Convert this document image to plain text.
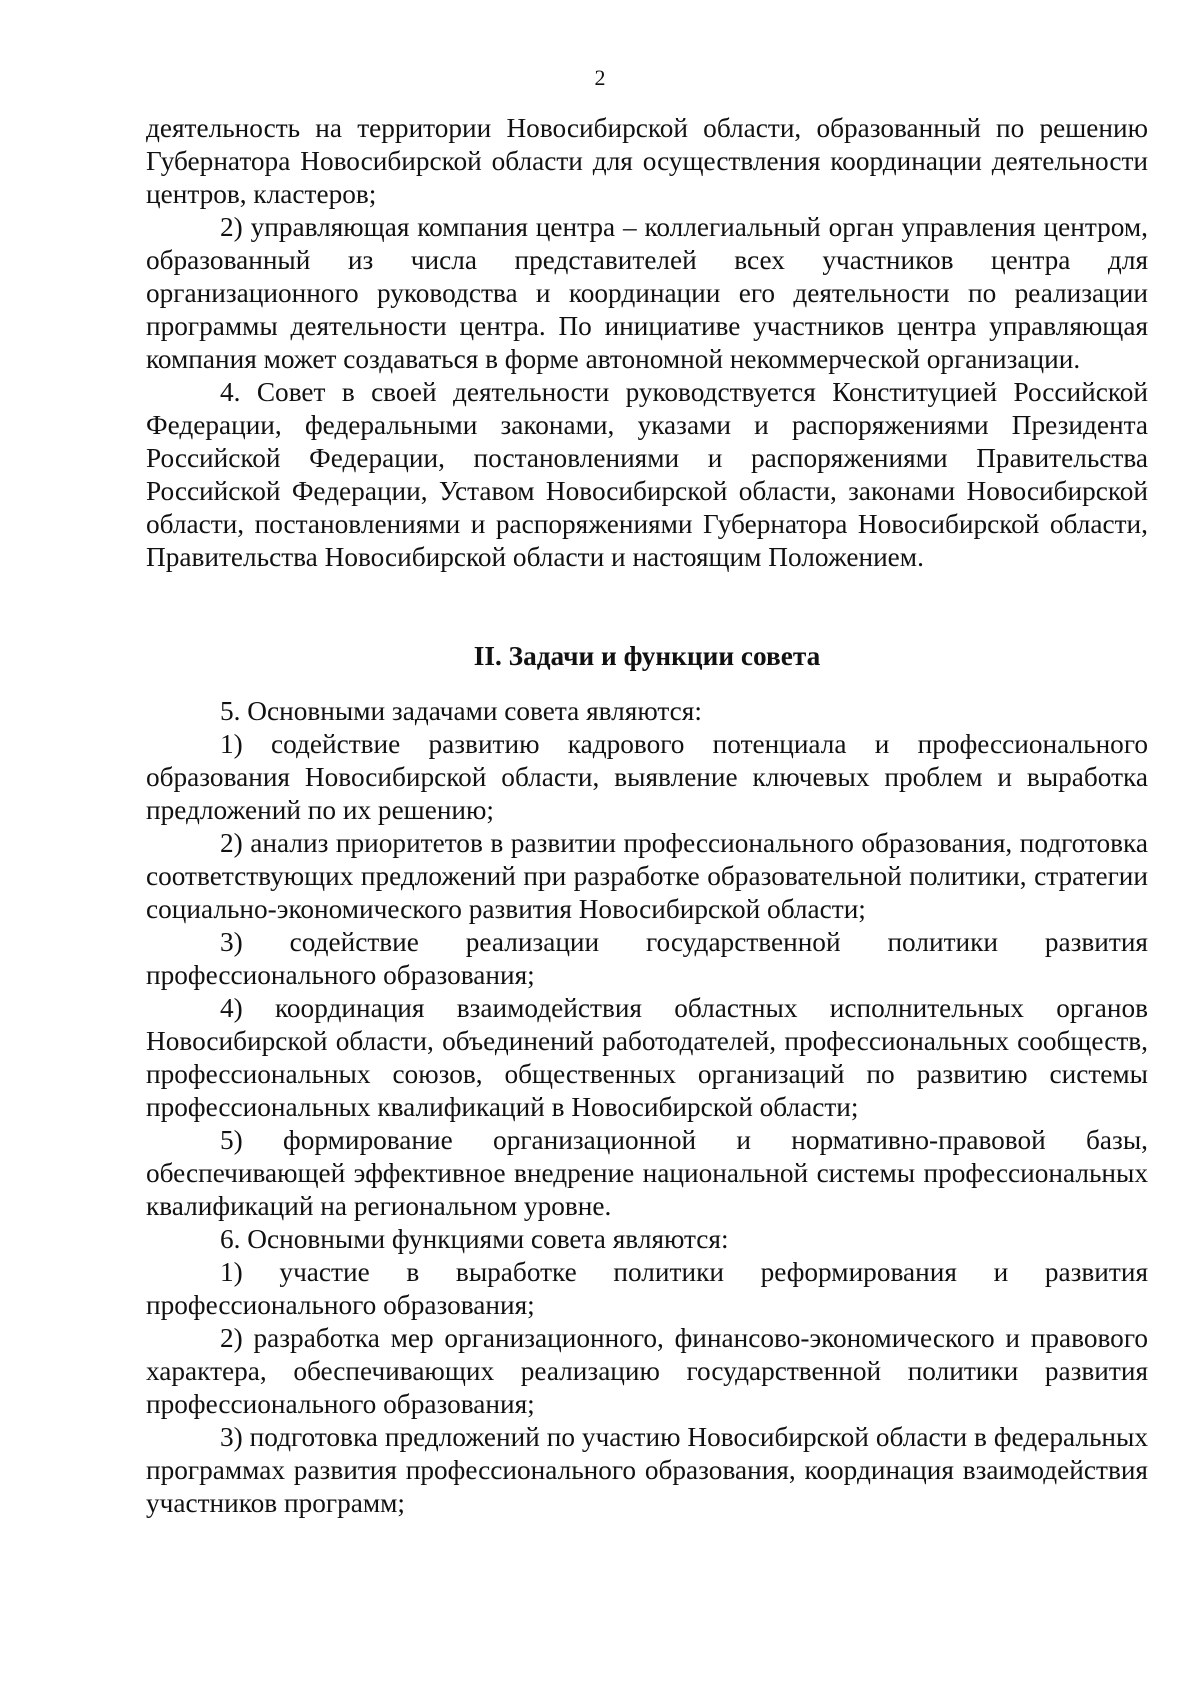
2

деятельность на территории Новосибирской области, образованный по решению Губернатора Новосибирской области для осуществления координации деятельности центров, кластеров;

2) управляющая компания центра – коллегиальный орган управления центром, образованный из числа представителей всех участников центра для организационного руководства и координации его деятельности по реализации программы деятельности центра. По инициативе участников центра управляющая компания может создаваться в форме автономной некоммерческой организации.

4. Совет в своей деятельности руководствуется Конституцией Российской Федерации, федеральными законами, указами и распоряжениями Президента Российской Федерации, постановлениями и распоряжениями Правительства Российской Федерации, Уставом Новосибирской области, законами Новосибирской области, постановлениями и распоряжениями Губернатора Новосибирской области, Правительства Новосибирской области и настоящим Положением.

II. Задачи и функции совета

5. Основными задачами совета являются:

1) содействие развитию кадрового потенциала и профессионального образования Новосибирской области, выявление ключевых проблем и выработка предложений по их решению;

2) анализ приоритетов в развитии профессионального образования, подготовка соответствующих предложений при разработке образовательной политики, стратегии социально-экономического развития Новосибирской области;

3) содействие реализации государственной политики развития профессионального образования;

4) координация взаимодействия областных исполнительных органов Новосибирской области, объединений работодателей, профессиональных сообществ, профессиональных союзов, общественных организаций по развитию системы профессиональных квалификаций в Новосибирской области;

5) формирование организационной и нормативно-правовой базы, обеспечивающей эффективное внедрение национальной системы профессиональных квалификаций на региональном уровне.

6. Основными функциями совета являются:

1) участие в выработке политики реформирования и развития профессионального образования;

2) разработка мер организационного, финансово-экономического и правового характера, обеспечивающих реализацию государственной политики развития профессионального образования;

3) подготовка предложений по участию Новосибирской области в федеральных программах развития профессионального образования, координация взаимодействия участников программ;
